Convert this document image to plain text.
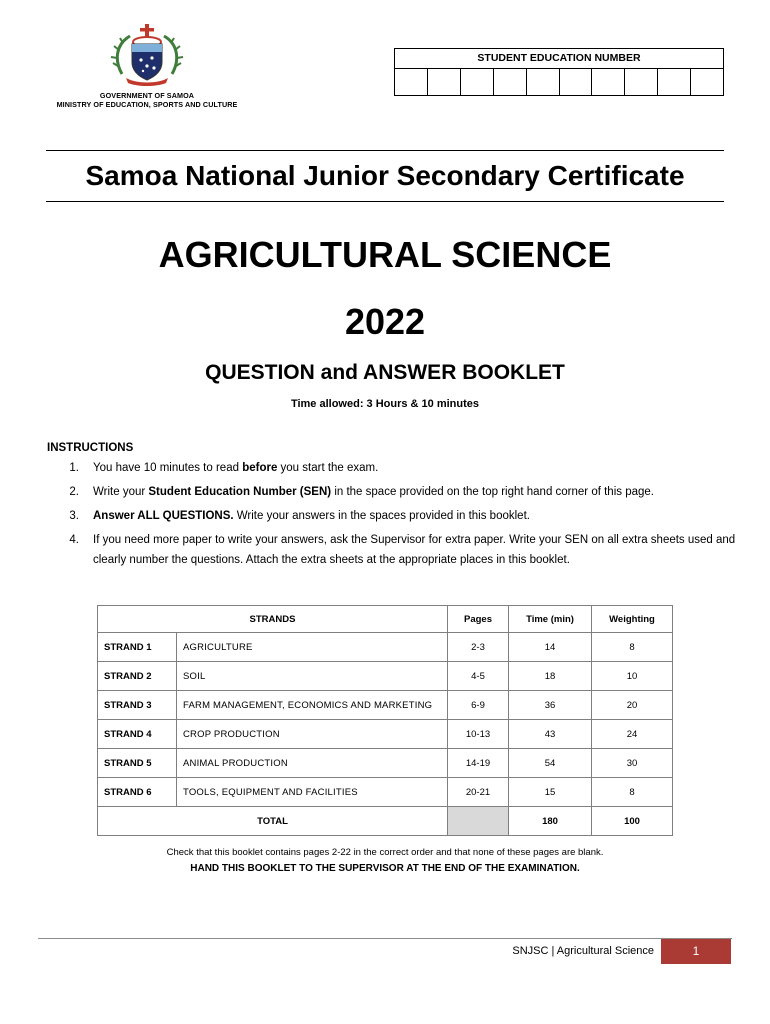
GOVERNMENT OF SAMOA
MINISTRY OF EDUCATION, SPORTS AND CULTURE
STUDENT EDUCATION NUMBER
Samoa National Junior Secondary Certificate
AGRICULTURAL SCIENCE
2022
QUESTION and ANSWER BOOKLET
Time allowed: 3 Hours & 10 minutes
INSTRUCTIONS
1.	You have 10 minutes to read before you start the exam.
2.	Write your Student Education Number (SEN) in the space provided on the top right hand corner of this page.
3.	Answer ALL QUESTIONS. Write your answers in the spaces provided in this booklet.
4.	If you need more paper to write your answers, ask the Supervisor for extra paper. Write your SEN on all extra sheets used and clearly number the questions. Attach the extra sheets at the appropriate places in this booklet.
STRANDS		Pages	Time (min)	Weighting
STRAND 1	AGRICULTURE	2-3	14	8
STRAND 2	SOIL	4-5	18	10
STRAND 3	FARM MANAGEMENT, ECONOMICS AND MARKETING	6-9	36	20
STRAND 4	CROP PRODUCTION	10-13	43	24
STRAND 5	ANIMAL PRODUCTION	14-19	54	30
STRAND 6	TOOLS, EQUIPMENT AND FACILITIES	20-21	15	8
TOTAL			180	100
Check that this booklet contains pages 2-22 in the correct order and that none of these pages are blank.
HAND THIS BOOKLET TO THE SUPERVISOR AT THE END OF THE EXAMINATION.
SNJSC | Agricultural Science	1
